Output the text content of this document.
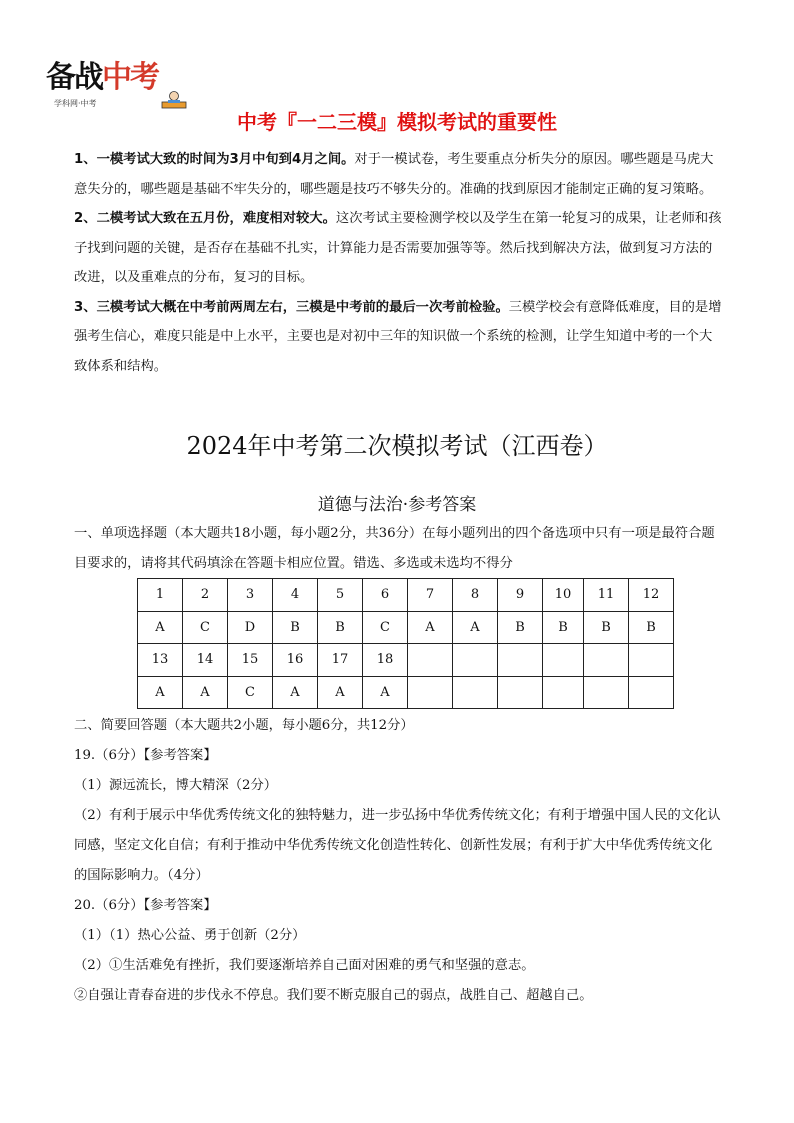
备战中考
学科网·中考
中考『一二三模』模拟考试的重要性

1、一模考试大致的时间为3月中旬到4月之间。对于一模试卷，考生要重点分析失分的原因。哪些题是马虎大意失分的，哪些题是基础不牢失分的，哪些题是技巧不够失分的。准确的找到原因才能制定正确的复习策略。

2、二模考试大致在五月份，难度相对较大。这次考试主要检测学校以及学生在第一轮复习的成果，让老师和孩子找到问题的关键，是否存在基础不扎实，计算能力是否需要加强等等。然后找到解决方法，做到复习方法的改进，以及重难点的分布，复习的目标。

3、三模考试大概在中考前两周左右，三模是中考前的最后一次考前检验。三模学校会有意降低难度，目的是增强考生信心，难度只能是中上水平，主要也是对初中三年的知识做一个系统的检测，让学生知道中考的一个大致体系和结构。

2024年中考第二次模拟考试（江西卷）
道德与法治·参考答案
一、单项选择题（本大题共18小题，每小题2分，共36分）在每小题列出的四个备选项中只有一项是最符合题目要求的，请将其代码填涂在答题卡相应位置。错选、多选或未选均不得分
1	2	3	4	5	6	7	8	9	10	11	12
A	C	D	B	B	C	A	A	B	B	B	B
13	14	15	16	17	18						
A	A	C	A	A	A						

二、简要回答题（本大题共2小题，每小题6分，共12分）

19.（6分）【参考答案】

（1）源远流长，博大精深（2分）

（2）有利于展示中华优秀传统文化的独特魅力，进一步弘扬中华优秀传统文化；有利于增强中国人民的文化认同感，坚定文化自信；有利于推动中华优秀传统文化创造性转化、创新性发展；有利于扩大中华优秀传统文化的国际影响力。（4分）

20.（6分）【参考答案】

（1）（1）热心公益、勇于创新（2分）

（2）①生活难免有挫折，我们要逐渐培养自己面对困难的勇气和坚强的意志。

②自强让青春奋进的步伐永不停息。我们要不断克服自己的弱点，战胜自己、超越自己。
